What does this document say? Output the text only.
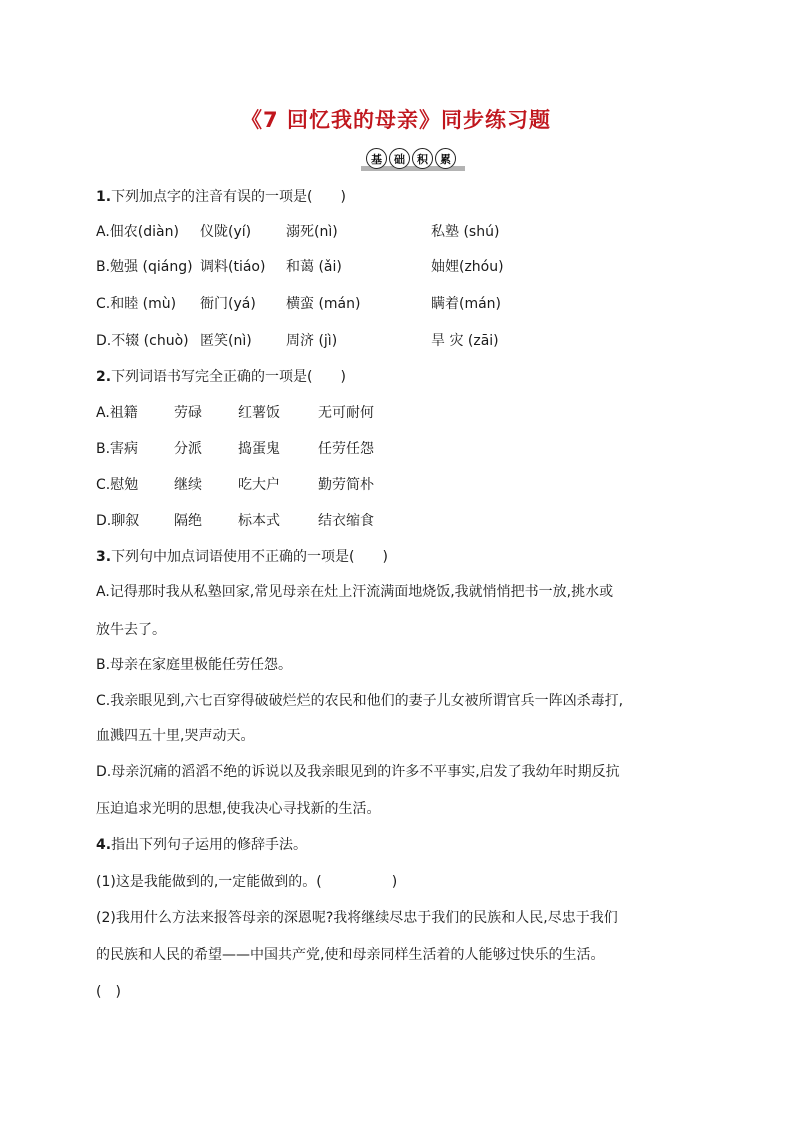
《7 回忆我的母亲》同步练习题
基	础	积	累
1.下列加点字的注音有误的一项是(　　)
A.佃农(diàn)	仪陇(yí)	溺死(nì)	私塾 (shú)
B.勉强 (qiáng) 调料(tiáo)	和蔼 (ǎi)	妯娌(zhóu)
C.和睦 (mù)	衙门(yá)	横蛮 (mán)	瞒着(mán)
D.不辍 (chuò) 匿笑(nì)	周济 (jì)	旱 灾 (zāi)
2.下列词语书写完全正确的一项是(　　)
A.祖籍	劳碌	红薯饭	无可耐何
B.害病	分派	捣蛋鬼	任劳任怨
C.慰勉	继续	吃大户	勤劳简朴
D.聊叙	隔绝	标本式	结衣缩食
3.下列句中加点词语使用不正确的一项是(　　)
A.记得那时我从私塾回家,常见母亲在灶上汗流满面地烧饭,我就悄悄把书一放,挑水或
放牛去了。
B.母亲在家庭里极能任劳任怨。
C.我亲眼见到,六七百穿得破破烂烂的农民和他们的妻子儿女被所谓官兵一阵凶杀毒打,
血溅四五十里,哭声动天。
D.母亲沉痛的滔滔不绝的诉说以及我亲眼见到的许多不平事实,启发了我幼年时期反抗
压迫追求光明的思想,使我决心寻找新的生活。
4.指出下列句子运用的修辞手法。
(1)这是我能做到的,一定能做到的。(　　　　　)
(2)我用什么方法来报答母亲的深恩呢?我将继续尽忠于我们的民族和人民,尽忠于我们
的民族和人民的希望——中国共产党,使和母亲同样生活着的人能够过快乐的生活。
(　)
